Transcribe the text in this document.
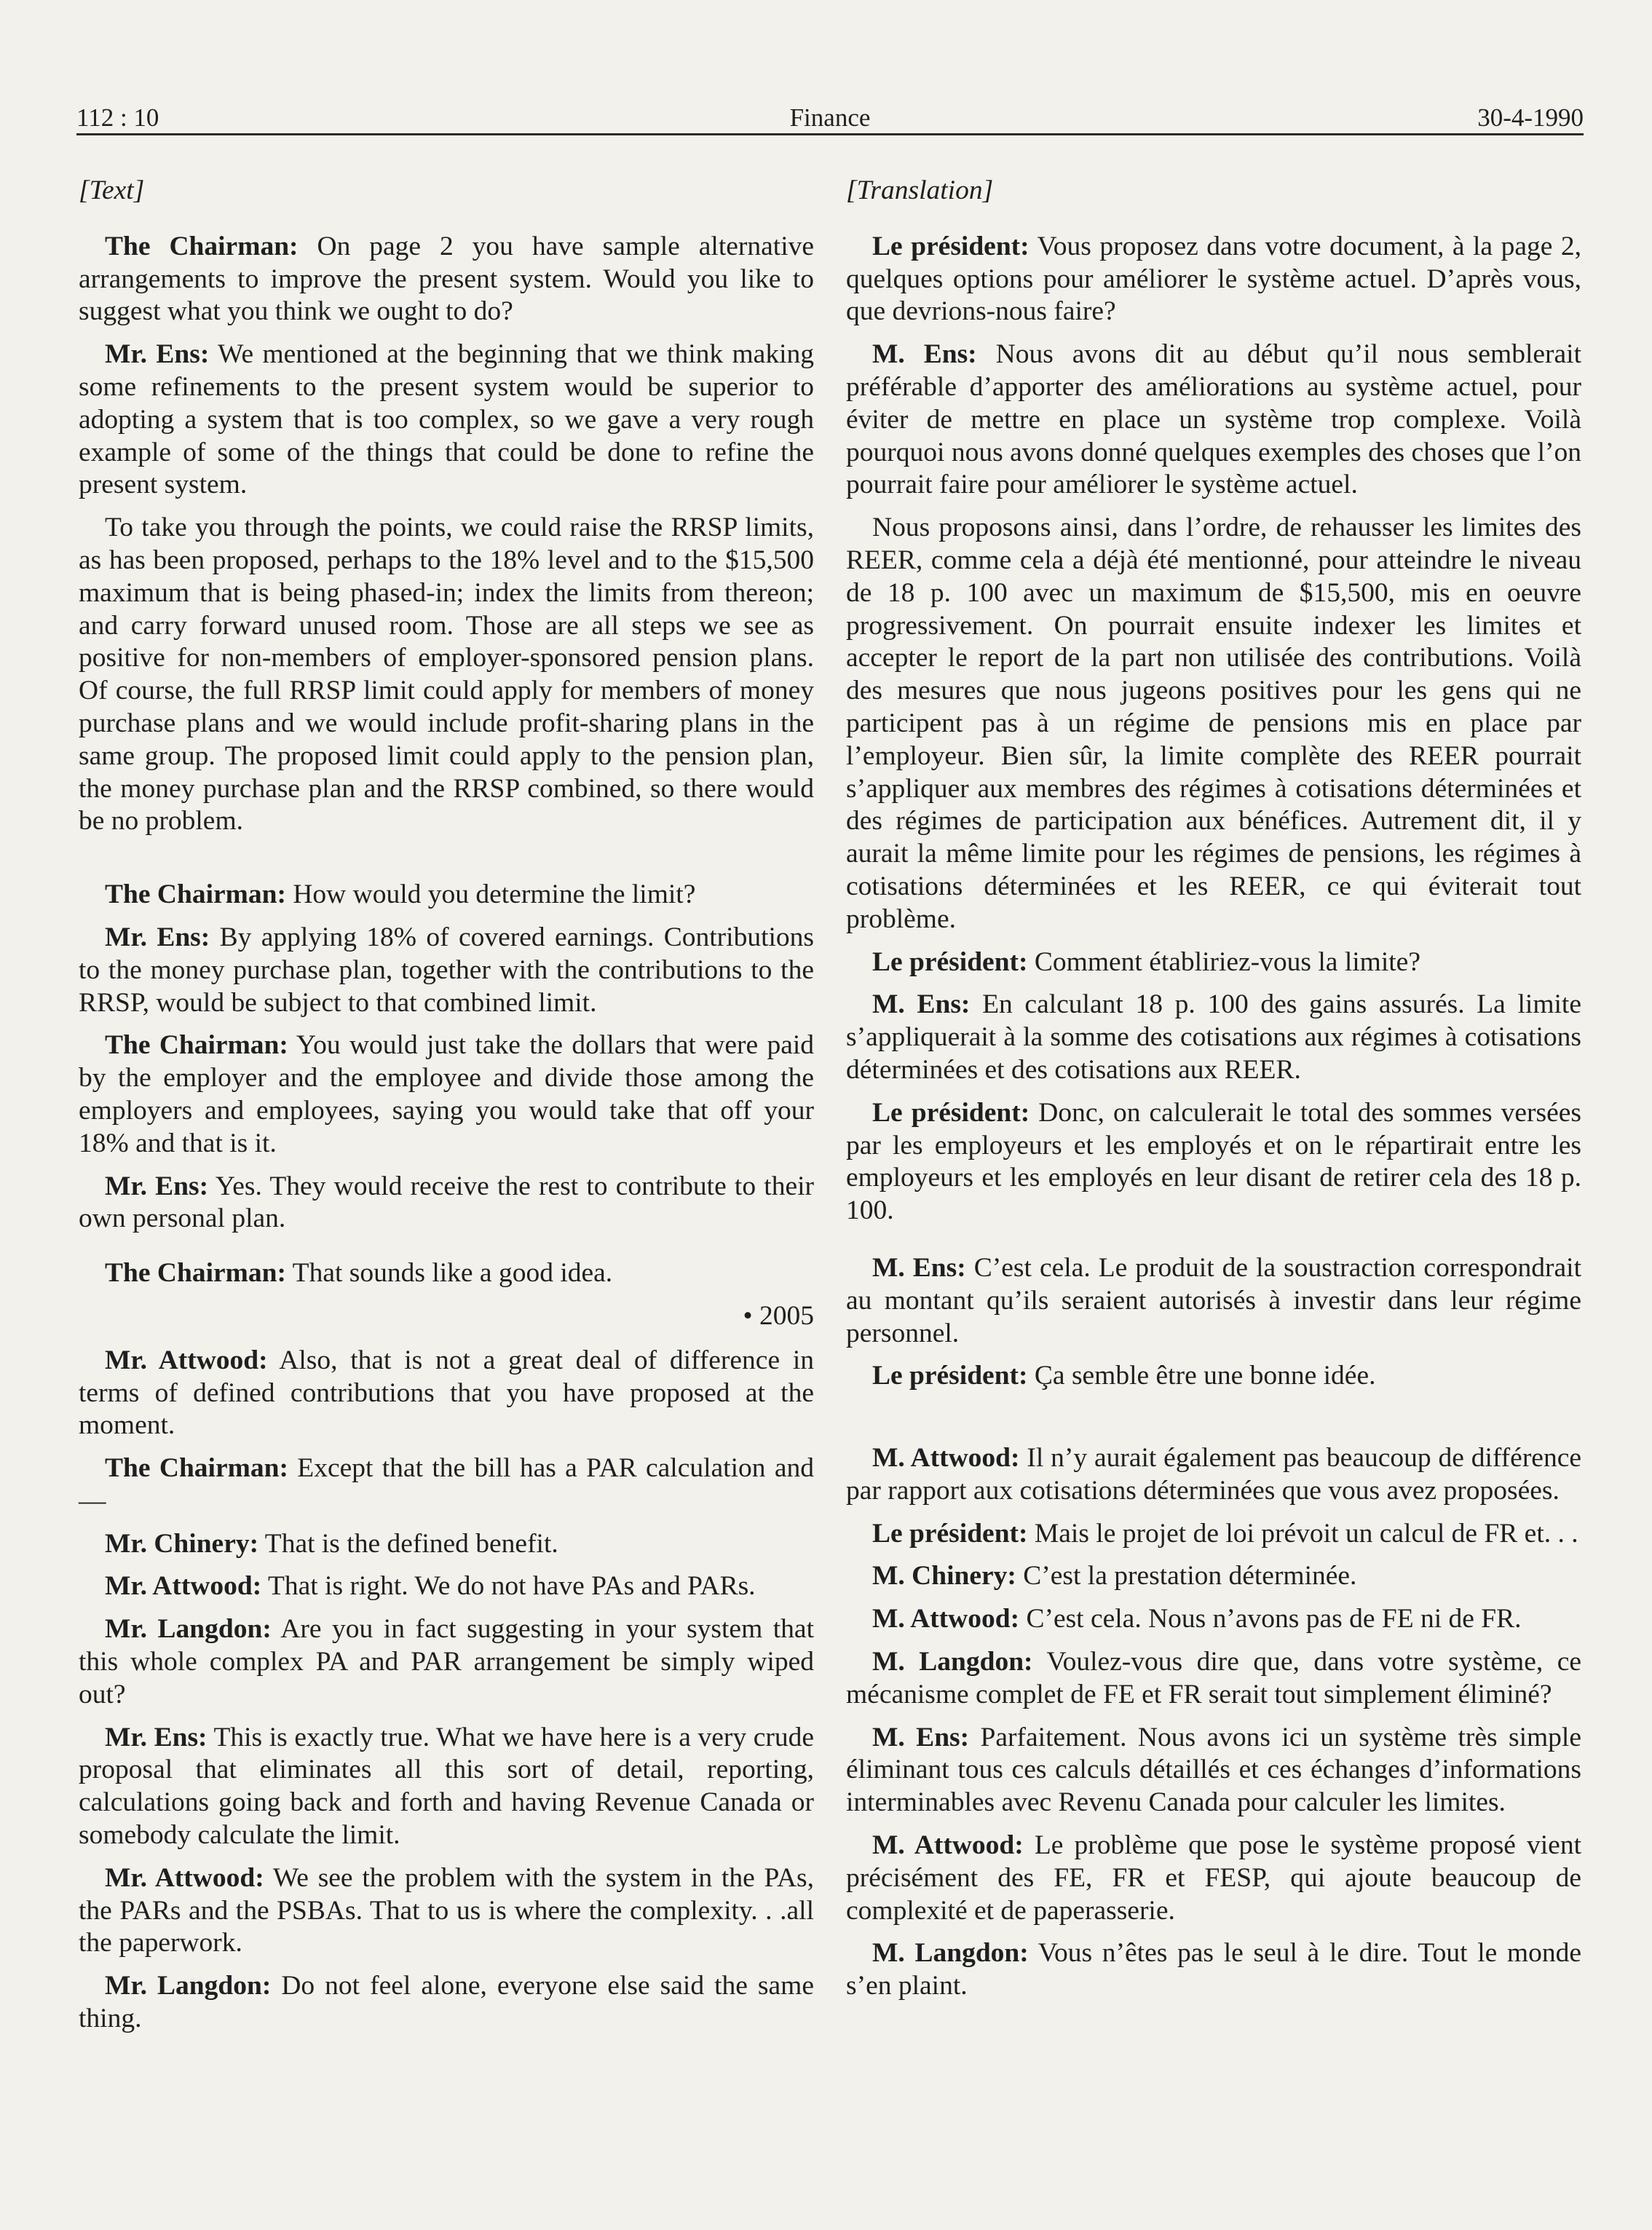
112 : 10	Finance	30-4-1990
[Text]

The Chairman: On page 2 you have sample alternative arrangements to improve the present system. Would you like to suggest what you think we ought to do?

Mr. Ens: We mentioned at the beginning that we think making some refinements to the present system would be superior to adopting a system that is too complex, so we gave a very rough example of some of the things that could be done to refine the present system.

To take you through the points, we could raise the RRSP limits, as has been proposed, perhaps to the 18% level and to the $15,500 maximum that is being phased-in; index the limits from thereon; and carry forward unused room. Those are all steps we see as positive for non-members of employer-sponsored pension plans. Of course, the full RRSP limit could apply for members of money purchase plans and we would include profit-sharing plans in the same group. The proposed limit could apply to the pension plan, the money purchase plan and the RRSP combined, so there would be no problem.

The Chairman: How would you determine the limit?

Mr. Ens: By applying 18% of covered earnings. Contributions to the money purchase plan, together with the contributions to the RRSP, would be subject to that combined limit.

The Chairman: You would just take the dollars that were paid by the employer and the employee and divide those among the employers and employees, saying you would take that off your 18% and that is it.

Mr. Ens: Yes. They would receive the rest to contribute to their own personal plan.

The Chairman: That sounds like a good idea.

• 2005

Mr. Attwood: Also, that is not a great deal of difference in terms of defined contributions that you have proposed at the moment.

The Chairman: Except that the bill has a PAR calculation and—

Mr. Chinery: That is the defined benefit.

Mr. Attwood: That is right. We do not have PAs and PARs.

Mr. Langdon: Are you in fact suggesting in your system that this whole complex PA and PAR arrangement be simply wiped out?

Mr. Ens: This is exactly true. What we have here is a very crude proposal that eliminates all this sort of detail, reporting, calculations going back and forth and having Revenue Canada or somebody calculate the limit.

Mr. Attwood: We see the problem with the system in the PAs, the PARs and the PSBAs. That to us is where the complexity. . .all the paperwork.

Mr. Langdon: Do not feel alone, everyone else said the same thing.

[Translation]

Le président: Vous proposez dans votre document, à la page 2, quelques options pour améliorer le système actuel. D’après vous, que devrions-nous faire?

M. Ens: Nous avons dit au début qu’il nous semblerait préférable d’apporter des améliorations au système actuel, pour éviter de mettre en place un système trop complexe. Voilà pourquoi nous avons donné quelques exemples des choses que l’on pourrait faire pour améliorer le système actuel.

Nous proposons ainsi, dans l’ordre, de rehausser les limites des REER, comme cela a déjà été mentionné, pour atteindre le niveau de 18 p. 100 avec un maximum de $15,500, mis en oeuvre progressivement. On pourrait ensuite indexer les limites et accepter le report de la part non utilisée des contributions. Voilà des mesures que nous jugeons positives pour les gens qui ne participent pas à un régime de pensions mis en place par l’employeur. Bien sûr, la limite complète des REER pourrait s’appliquer aux membres des régimes à cotisations déterminées et des régimes de participation aux bénéfices. Autrement dit, il y aurait la même limite pour les régimes de pensions, les régimes à cotisations déterminées et les REER, ce qui éviterait tout problème.

Le président: Comment établiriez-vous la limite?

M. Ens: En calculant 18 p. 100 des gains assurés. La limite s’appliquerait à la somme des cotisations aux régimes à cotisations déterminées et des cotisations aux REER.

Le président: Donc, on calculerait le total des sommes versées par les employeurs et les employés et on le répartirait entre les employeurs et les employés en leur disant de retirer cela des 18 p. 100.

M. Ens: C’est cela. Le produit de la soustraction correspondrait au montant qu’ils seraient autorisés à investir dans leur régime personnel.

Le président: Ça semble être une bonne idée.

M. Attwood: Il n’y aurait également pas beaucoup de différence par rapport aux cotisations déterminées que vous avez proposées.

Le président: Mais le projet de loi prévoit un calcul de FR et. . .

M. Chinery: C’est la prestation déterminée.

M. Attwood: C’est cela. Nous n’avons pas de FE ni de FR.

M. Langdon: Voulez-vous dire que, dans votre système, ce mécanisme complet de FE et FR serait tout simplement éliminé?

M. Ens: Parfaitement. Nous avons ici un système très simple éliminant tous ces calculs détaillés et ces échanges d’informations interminables avec Revenu Canada pour calculer les limites.

M. Attwood: Le problème que pose le système proposé vient précisément des FE, FR et FESP, qui ajoute beaucoup de complexité et de paperasserie.

M. Langdon: Vous n’êtes pas le seul à le dire. Tout le monde s’en plaint.
